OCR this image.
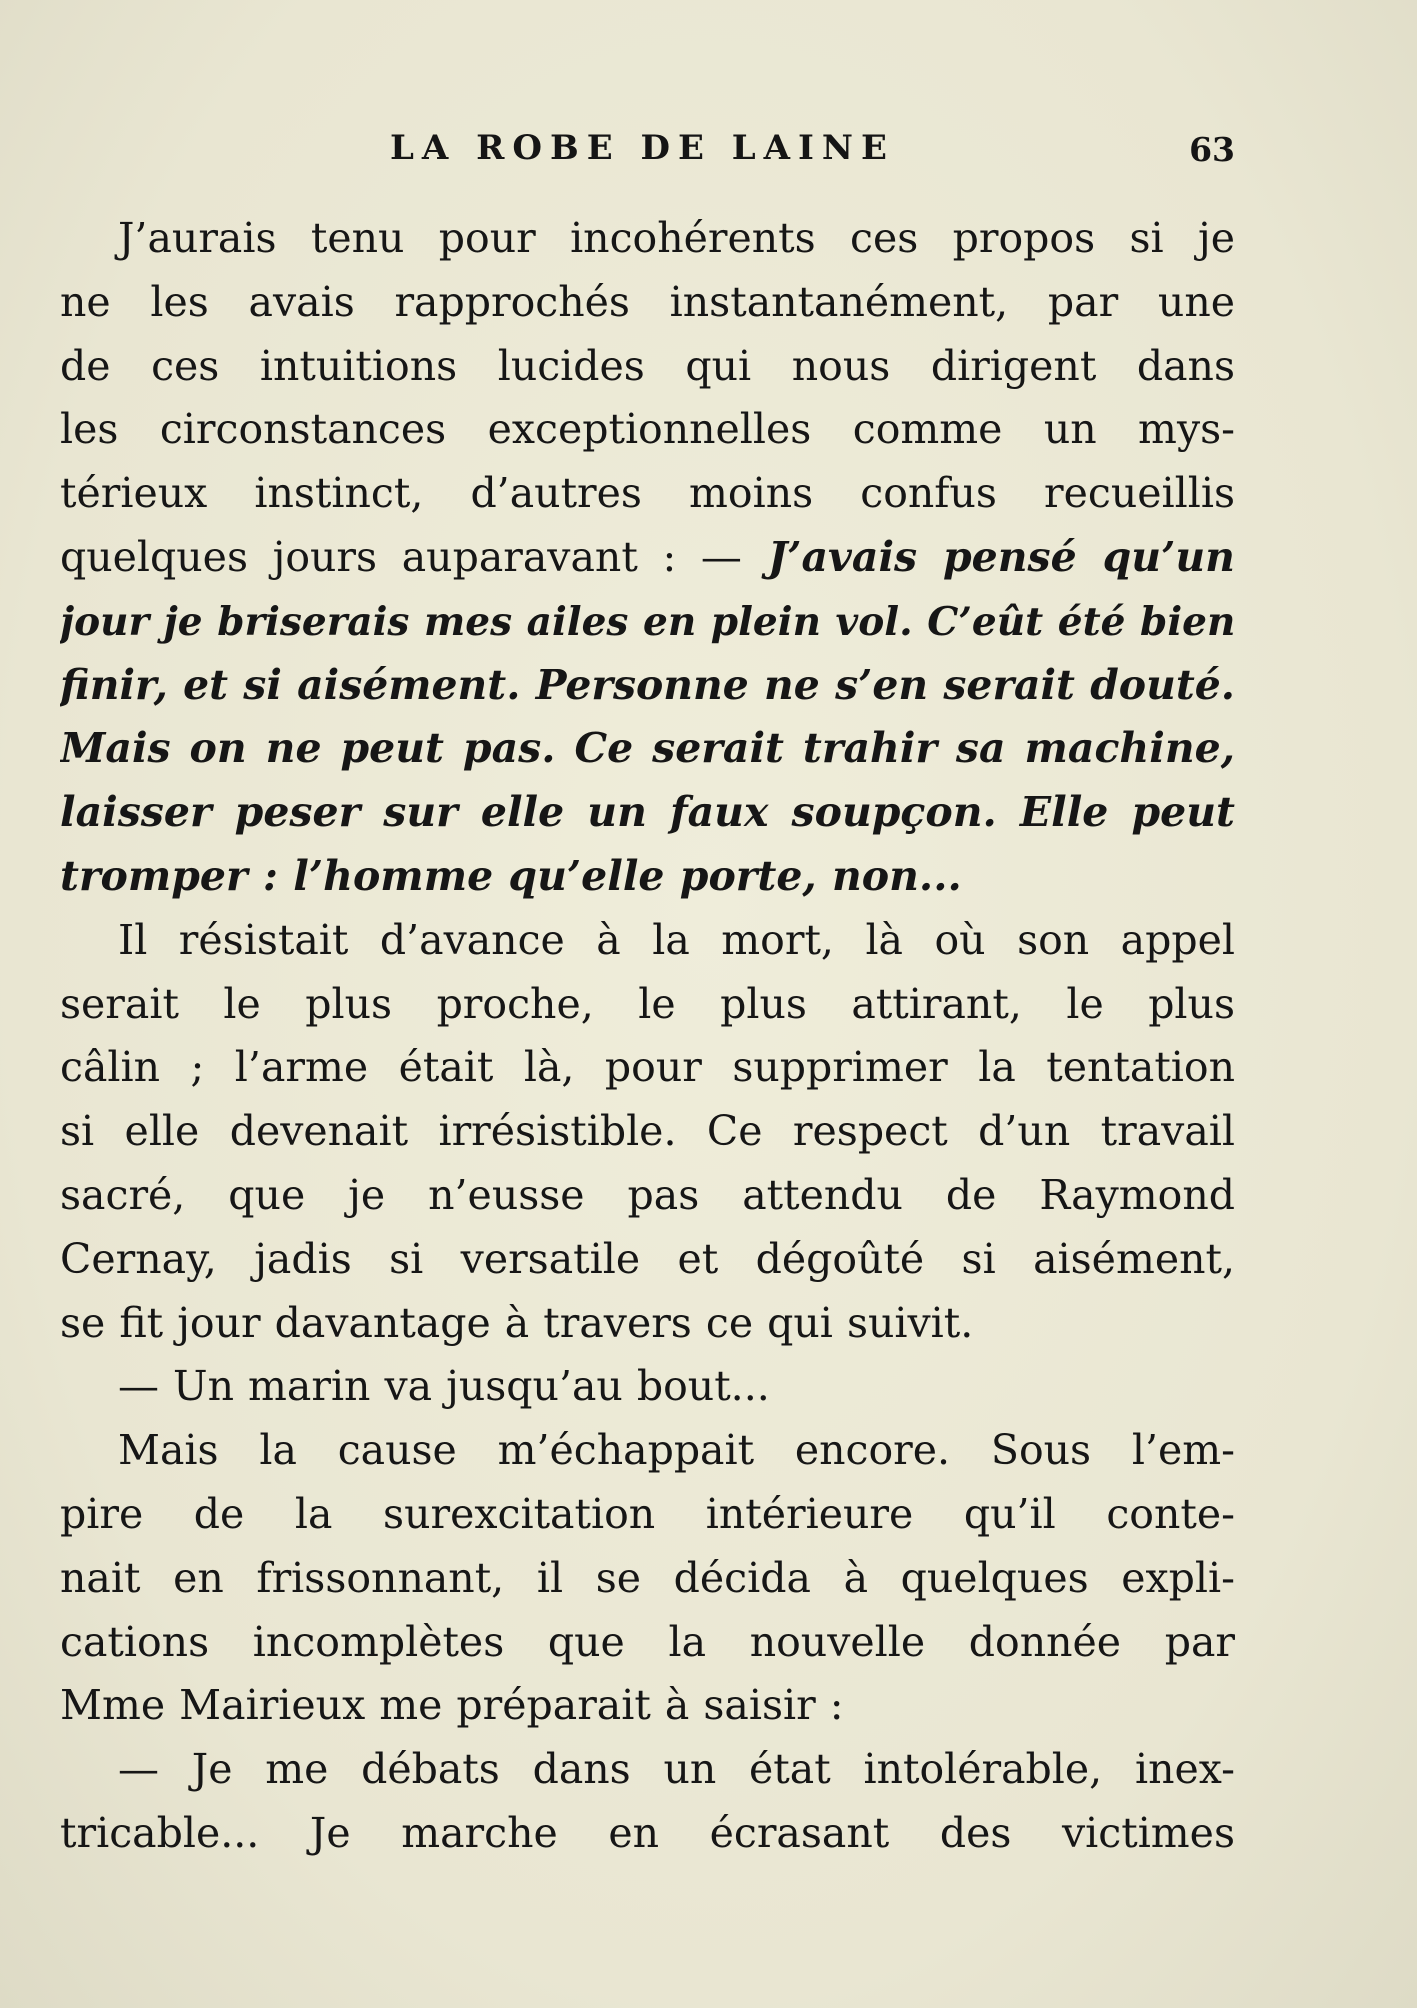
LA ROBE DE LAINE	63
J’aurais tenu pour incohérents ces propos si je
ne les avais rapprochés instantanément, par une
de ces intuitions lucides qui nous dirigent dans
les circonstances exceptionnelles comme un mys-
térieux instinct, d’autres moins confus recueillis
quelques jours auparavant : — J’avais pensé qu’un
jour je briserais mes ailes en plein vol. C’eût été bien
finir, et si aisément. Personne ne s’en serait douté.
Mais on ne peut pas. Ce serait trahir sa machine,
laisser peser sur elle un faux soupçon. Elle peut
tromper : l’homme qu’elle porte, non...
Il résistait d’avance à la mort, là où son appel
serait le plus proche, le plus attirant, le plus
câlin ; l’arme était là, pour supprimer la tentation
si elle devenait irrésistible. Ce respect d’un travail
sacré, que je n’eusse pas attendu de Raymond
Cernay, jadis si versatile et dégoûté si aisément,
se fit jour davantage à travers ce qui suivit.
— Un marin va jusqu’au bout...
Mais la cause m’échappait encore. Sous l’em-
pire de la surexcitation intérieure qu’il conte-
nait en frissonnant, il se décida à quelques expli-
cations incomplètes que la nouvelle donnée par
Mme Mairieux me préparait à saisir :
— Je me débats dans un état intolérable, inex-
tricable... Je marche en écrasant des victimes
